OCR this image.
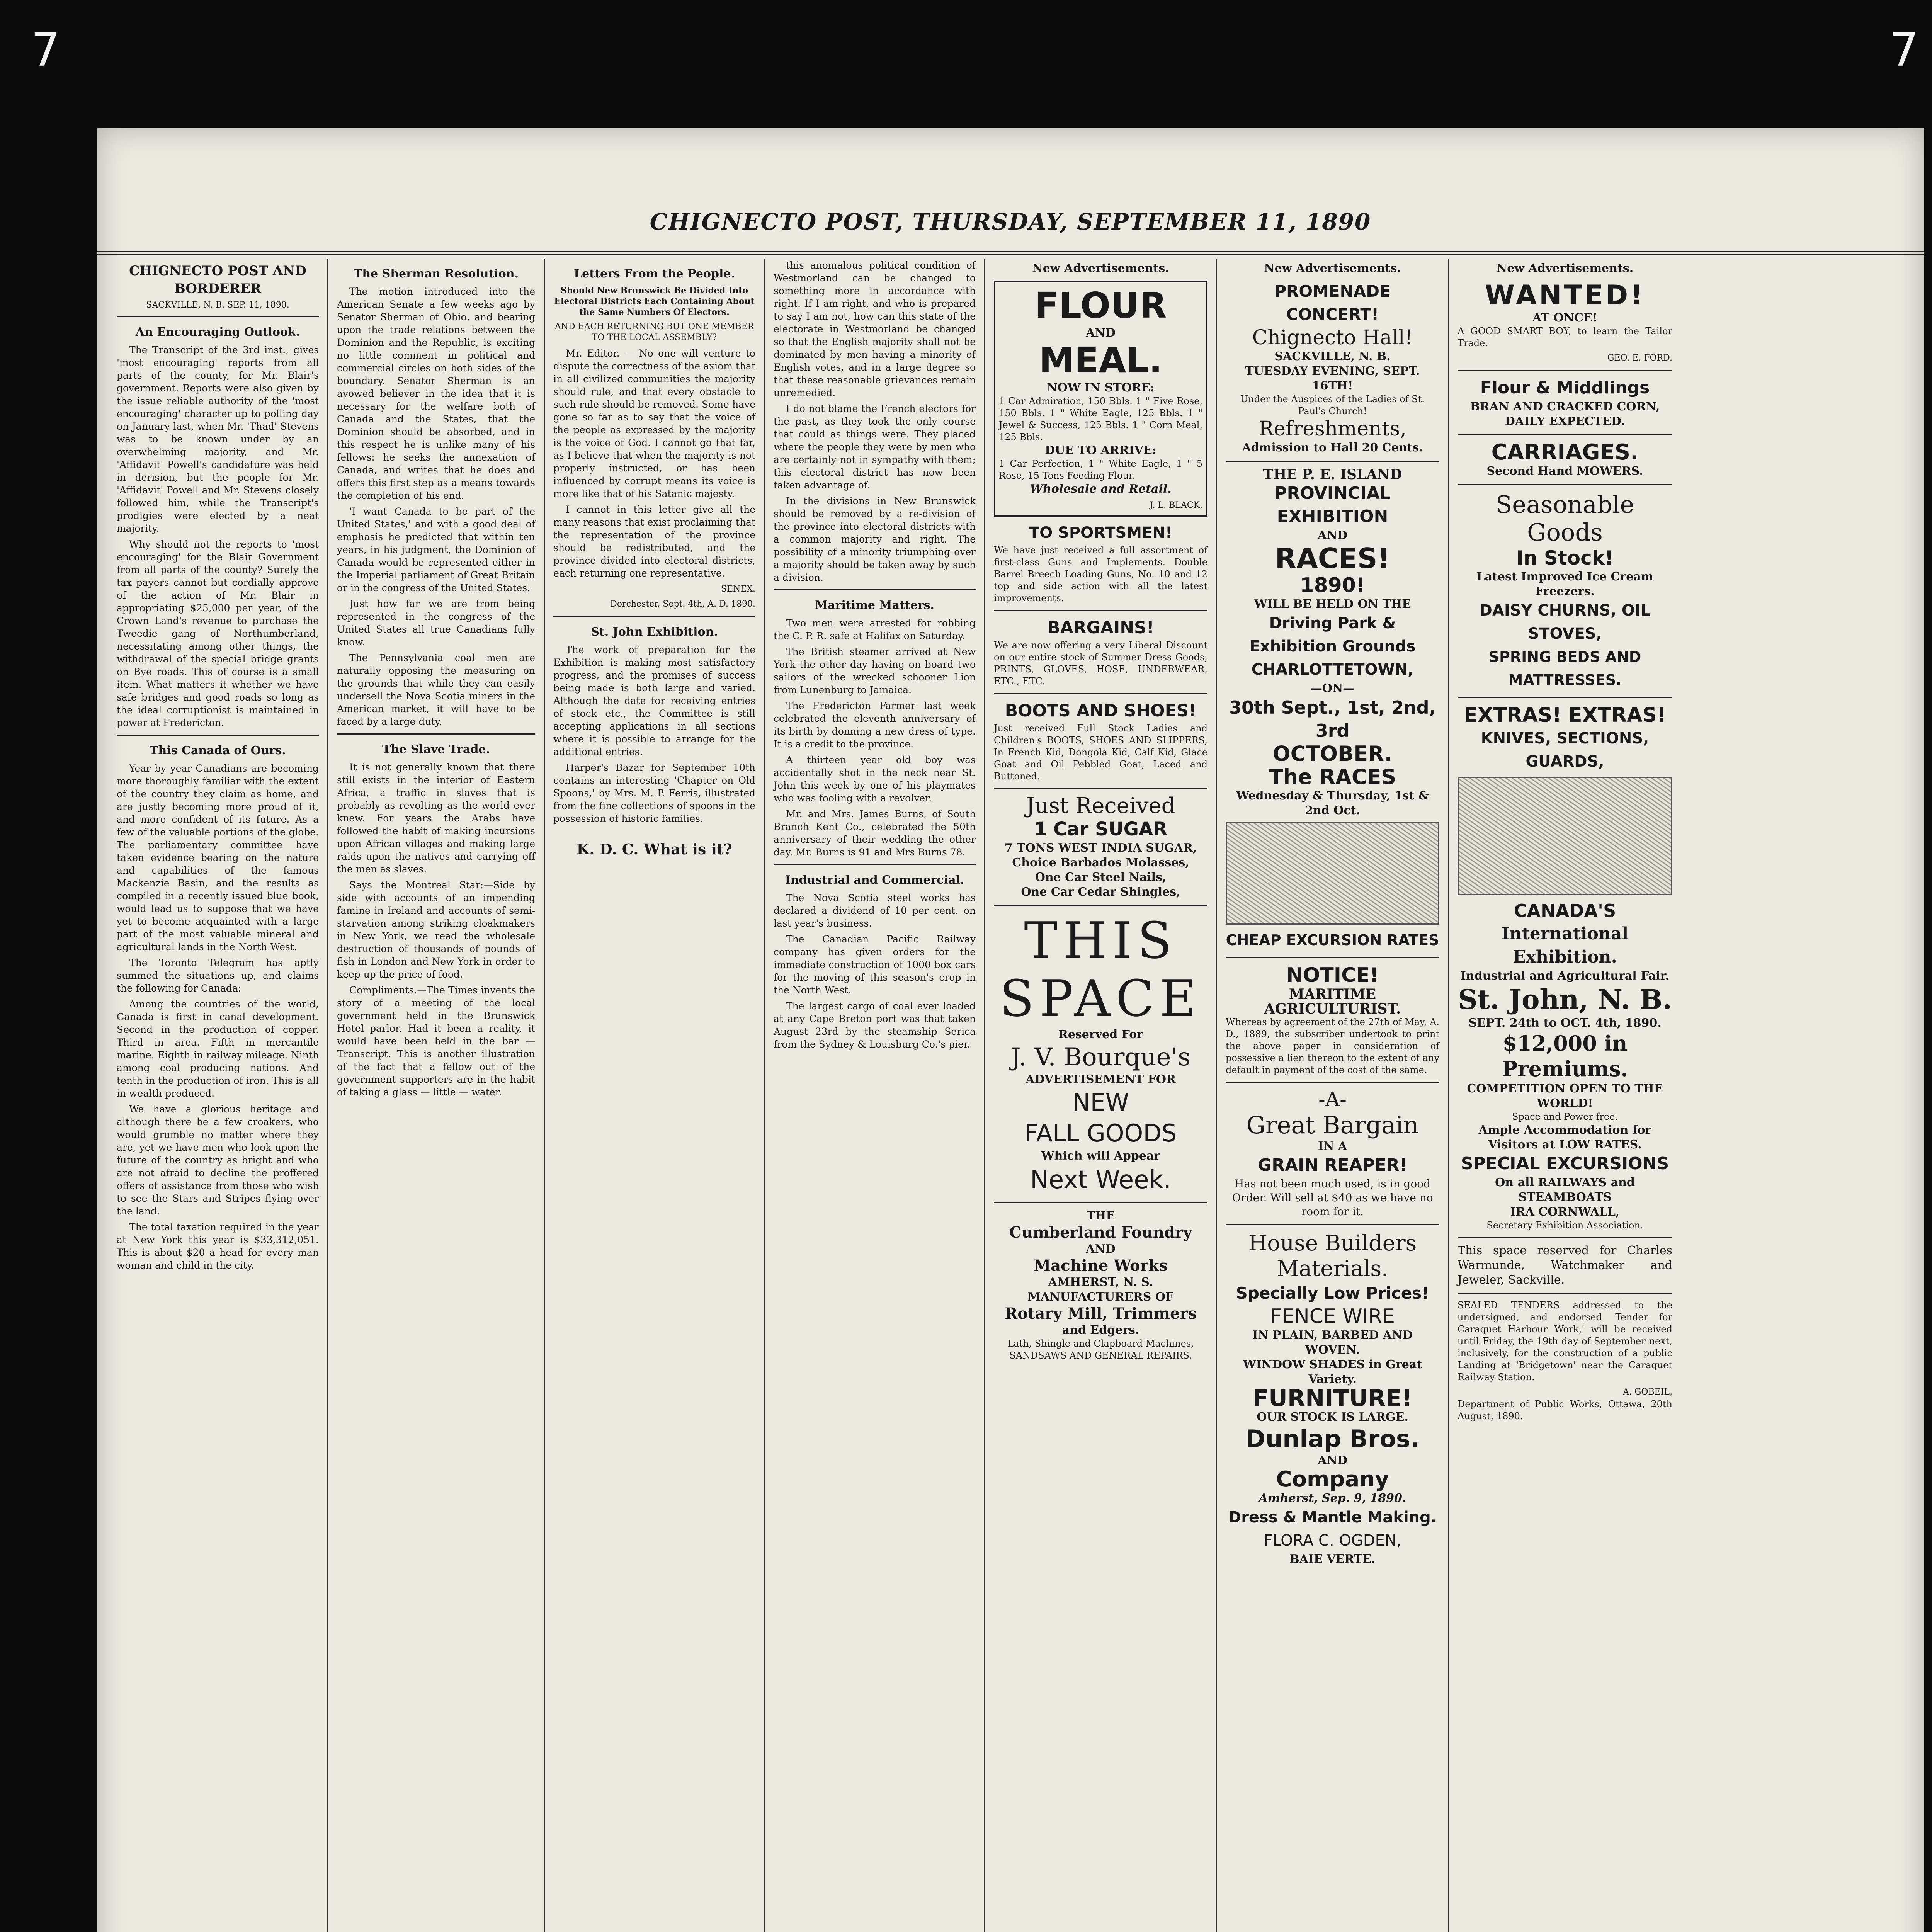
7	7
CHIGNECTO POST, THURSDAY, SEPTEMBER 11, 1890
CHIGNECTO POST AND BORDERER
SACKVILLE, N. B. SEP. 11, 1890.
An Encouraging Outlook.

The Transcript of the 3rd inst., gives 'most encouraging' reports from all parts of the county, for Mr. Blair's government. Reports were also given by the issue reliable authority of the 'most encouraging' character up to polling day on January last, when Mr. 'Thad' Stevens was to be known under by an overwhelming majority, and Mr. 'Affidavit' Powell's candidature was held in derision, but the people for Mr. 'Affidavit' Powell and Mr. Stevens closely followed him, while the Transcript's prodigies were elected by a neat majority.

Why should not the reports to 'most encouraging' for the Blair Government from all parts of the county? Surely the tax payers cannot but cordially approve of the action of Mr. Blair in appropriating $25,000 per year, of the Crown Land's revenue to purchase the Tweedie gang of Northumberland, necessitating among other things, the withdrawal of the special bridge grants on Bye roads. This of course is a small item. What matters it whether we have safe bridges and good roads so long as the ideal corruptionist is maintained in power at Fredericton.

This Canada of Ours.

Year by year Canadians are becoming more thoroughly familiar with the extent of the country they claim as home, and are justly becoming more proud of it, and more confident of its future. As a few of the valuable portions of the globe. The parliamentary committee have taken evidence bearing on the nature and capabilities of the famous Mackenzie Basin, and the results as compiled in a recently issued blue book, would lead us to suppose that we have yet to become acquainted with a large part of the most valuable mineral and agricultural lands in the North West.

The Toronto Telegram has aptly summed the situations up, and claims the following for Canada:

Among the countries of the world, Canada is first in canal development. Second in the production of copper. Third in area. Fifth in mercantile marine. Eighth in railway mileage. Ninth among coal producing nations. And tenth in the production of iron. This is all in wealth produced.

We have a glorious heritage and although there be a few croakers, who would grumble no matter where they are, yet we have men who look upon the future of the country as bright and who are not afraid to decline the proffered offers of assistance from those who wish to see the Stars and Stripes flying over the land.

The total taxation required in the year at New York this year is $33,312,051. This is about $20 a head for every man woman and child in the city.

The Sherman Resolution.

The motion introduced into the American Senate a few weeks ago by Senator Sherman of Ohio, and bearing upon the trade relations between the Dominion and the Republic, is exciting no little comment in political and commercial circles on both sides of the boundary. Senator Sherman is an avowed believer in the idea that it is necessary for the welfare both of Canada and the States, that the Dominion should be absorbed, and in this respect he is unlike many of his fellows: he seeks the annexation of Canada, and writes that he does and offers this first step as a means towards the completion of his end.

'I want Canada to be part of the United States,' and with a good deal of emphasis he predicted that within ten years, in his judgment, the Dominion of Canada would be represented either in the Imperial parliament of Great Britain or in the congress of the United States.

Just how far we are from being represented in the congress of the United States all true Canadians fully know.

The Pennsylvania coal men are naturally opposing the measuring on the grounds that while they can easily undersell the Nova Scotia miners in the American market, it will have to be faced by a large duty.

The Slave Trade.

It is not generally known that there still exists in the interior of Eastern Africa, a traffic in slaves that is probably as revolting as the world ever knew. For years the Arabs have followed the habit of making incursions upon African villages and making large raids upon the natives and carrying off the men as slaves.

Says the Montreal Star:—Side by side with accounts of an impending famine in Ireland and accounts of semi-starvation among striking cloakmakers in New York, we read the wholesale destruction of thousands of pounds of fish in London and New York in order to keep up the price of food.

Compliments.—The Times invents the story of a meeting of the local government held in the Brunswick Hotel parlor. Had it been a reality, it would have been held in the bar — Transcript. This is another illustration of the fact that a fellow out of the government supporters are in the habit of taking a glass — little — water.

Letters From the People.
Should New Brunswick Be Divided Into Electoral Districts Each Containing About the Same Numbers Of Electors.
AND EACH RETURNING BUT ONE MEMBER TO THE LOCAL ASSEMBLY?

Mr. Editor. — No one will venture to dispute the correctness of the axiom that in all civilized communities the majority should rule, and that every obstacle to such rule should be removed. Some have gone so far as to say that the voice of the people as expressed by the majority is the voice of God. I cannot go that far, as I believe that when the majority is not properly instructed, or has been influenced by corrupt means its voice is more like that of his Satanic majesty.

I cannot in this letter give all the many reasons that exist proclaiming that the representation of the province should be redistributed, and the province divided into electoral districts, each returning one representative.

SENEX.
Dorchester, Sept. 4th, A. D. 1890.
St. John Exhibition.

The work of preparation for the Exhibition is making most satisfactory progress, and the promises of success being made is both large and varied. Although the date for receiving entries of stock etc., the Committee is still accepting applications in all sections where it is possible to arrange for the additional entries.

Harper's Bazar for September 10th contains an interesting 'Chapter on Old Spoons,' by Mrs. M. P. Ferris, illustrated from the fine collections of spoons in the possession of historic families.

K. D. C. What is it?

this anomalous political condition of Westmorland can be changed to something more in accordance with right. If I am right, and who is prepared to say I am not, how can this state of the electorate in Westmorland be changed so that the English majority shall not be dominated by men having a minority of English votes, and in a large degree so that these reasonable grievances remain unremedied.

I do not blame the French electors for the past, as they took the only course that could as things were. They placed where the people they were by men who are certainly not in sympathy with them; this electoral district has now been taken advantage of.

In the divisions in New Brunswick should be removed by a re-division of the province into electoral districts with a common majority and right. The possibility of a minority triumphing over a majority should be taken away by such a division.

Maritime Matters.

Two men were arrested for robbing the C. P. R. safe at Halifax on Saturday.

The British steamer arrived at New York the other day having on board two sailors of the wrecked schooner Lion from Lunenburg to Jamaica.

The Fredericton Farmer last week celebrated the eleventh anniversary of its birth by donning a new dress of type. It is a credit to the province.

A thirteen year old boy was accidentally shot in the neck near St. John this week by one of his playmates who was fooling with a revolver.

Mr. and Mrs. James Burns, of South Branch Kent Co., celebrated the 50th anniversary of their wedding the other day. Mr. Burns is 91 and Mrs Burns 78.

Industrial and Commercial.

The Nova Scotia steel works has declared a dividend of 10 per cent. on last year's business.

The Canadian Pacific Railway company has given orders for the immediate construction of 1000 box cars for the moving of this season's crop in the North West.

The largest cargo of coal ever loaded at any Cape Breton port was that taken August 23rd by the steamship Serica from the Sydney & Louisburg Co.'s pier.

New Advertisements.
FLOUR
AND
MEAL.
NOW IN STORE:
1 Car Admiration, 150 Bbls. 1 " Five Rose, 150 Bbls. 1 " White Eagle, 125 Bbls. 1 " Jewel & Success, 125 Bbls. 1 " Corn Meal, 125 Bbls.
DUE TO ARRIVE:
1 Car Perfection, 1 " White Eagle, 1 " 5 Rose, 15 Tons Feeding Flour.
Wholesale and Retail.
J. L. BLACK.
TO SPORTSMEN!
We have just received a full assortment of first-class Guns and Implements. Double Barrel Breech Loading Guns, No. 10 and 12 top and side action with all the latest improvements.
BARGAINS!
We are now offering a very Liberal Discount on our entire stock of Summer Dress Goods, PRINTS, GLOVES, HOSE, UNDERWEAR, ETC., ETC.
BOOTS AND SHOES!
Just received Full Stock Ladies and Children's BOOTS, SHOES AND SLIPPERS, In French Kid, Dongola Kid, Calf Kid, Glace Goat and Oil Pebbled Goat, Laced and Buttoned.
Just Received
1 Car SUGAR
7 TONS WEST INDIA SUGAR,
Choice Barbados Molasses,
One Car Steel Nails,
One Car Cedar Shingles,
THIS
SPACE
Reserved For
J. V. Bourque's
ADVERTISEMENT FOR
NEW
FALL GOODS
Which will Appear
Next Week.
THE
Cumberland Foundry
AND
Machine Works
AMHERST, N. S.
MANUFACTURERS OF
Rotary Mill, Trimmers
and Edgers.
Lath, Shingle and Clapboard Machines,
SANDSAWS AND GENERAL REPAIRS.
New Advertisements.
PROMENADE CONCERT!
Chignecto Hall!
SACKVILLE, N. B.
TUESDAY EVENING, SEPT. 16TH!
Under the Auspices of the Ladies of St. Paul's Church!
Refreshments,
Admission to Hall 20 Cents.
THE P. E. ISLAND
PROVINCIAL EXHIBITION
AND
RACES!
1890!
WILL BE HELD ON THE
Driving Park & Exhibition Grounds
CHARLOTTETOWN,
—ON—
30th Sept., 1st, 2nd, 3rd
OCTOBER.
The RACES
Wednesday & Thursday, 1st & 2nd Oct.
CHEAP EXCURSION RATES
NOTICE!
MARITIME AGRICULTURIST.
Whereas by agreement of the 27th of May, A. D., 1889, the subscriber undertook to print the above paper in consideration of possessive a lien thereon to the extent of any default in payment of the cost of the same.
-A-
Great Bargain
IN A
GRAIN REAPER!
Has not been much used, is in good Order. Will sell at $40 as we have no room for it.
House Builders Materials.
Specially Low Prices!
FENCE WIRE
IN PLAIN, BARBED AND WOVEN.
WINDOW SHADES in Great Variety.
FURNITURE!
OUR STOCK IS LARGE.
Dunlap Bros.
AND
Company
Amherst, Sep. 9, 1890.
Dress & Mantle Making.
FLORA C. OGDEN,
BAIE VERTE.
New Advertisements.
WANTED!
AT ONCE!
A GOOD SMART BOY, to learn the Tailor Trade.
GEO. E. FORD.
Flour & Middlings
BRAN AND CRACKED CORN,
DAILY EXPECTED.
CARRIAGES.
Second Hand MOWERS.
Seasonable Goods
In Stock!
Latest Improved Ice Cream Freezers.
DAISY CHURNS, OIL STOVES,
SPRING BEDS AND MATTRESSES.
EXTRAS! EXTRAS!
KNIVES, SECTIONS, GUARDS,
CANADA'S
International Exhibition.
Industrial and Agricultural Fair.
St. John, N. B.
SEPT. 24th to OCT. 4th, 1890.
$12,000 in Premiums.
COMPETITION OPEN TO THE WORLD!
Space and Power free.
Ample Accommodation for Visitors at LOW RATES.
SPECIAL EXCURSIONS
On all RAILWAYS and STEAMBOATS
IRA CORNWALL,
Secretary Exhibition Association.
This space reserved for Charles Warmunde, Watchmaker and Jeweler, Sackville.
SEALED TENDERS addressed to the undersigned, and endorsed 'Tender for Caraquet Harbour Work,' will be received until Friday, the 19th day of September next, inclusively, for the construction of a public Landing at 'Bridgetown' near the Caraquet Railway Station.
A. GOBEIL,
Department of Public Works, Ottawa, 20th August, 1890.
